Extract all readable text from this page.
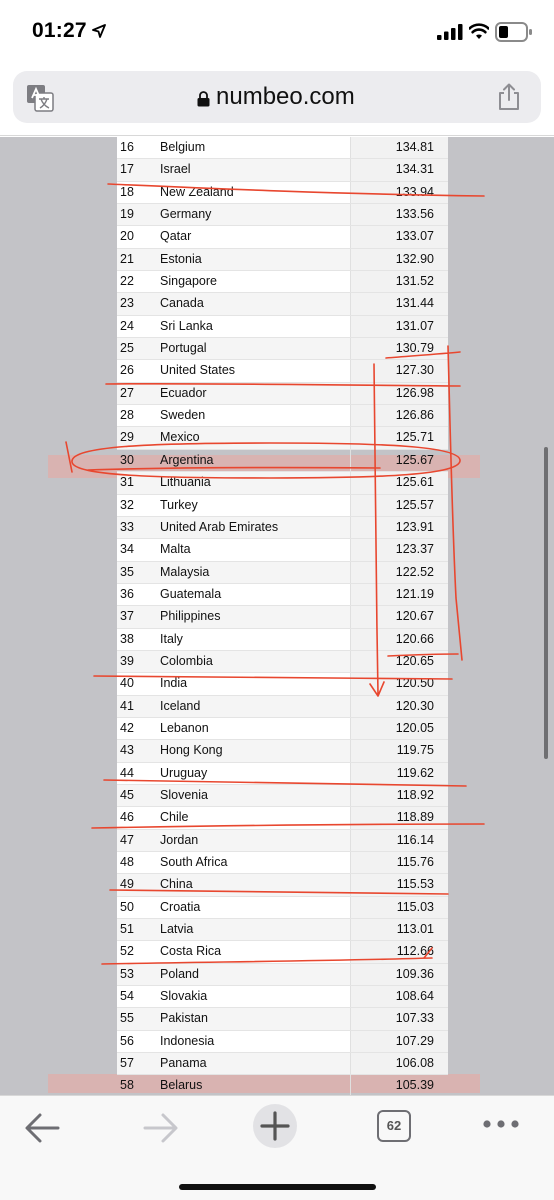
01:27
numbeo.com
16	Belgium	134.81
17	Israel	134.31
18	New Zealand	133.94
19	Germany	133.56
20	Qatar	133.07
21	Estonia	132.90
22	Singapore	131.52
23	Canada	131.44
24	Sri Lanka	131.07
25	Portugal	130.79
26	United States	127.30
27	Ecuador	126.98
28	Sweden	126.86
29	Mexico	125.71
30	Argentina	125.67
31	Lithuania	125.61
32	Turkey	125.57
33	United Arab Emirates	123.91
34	Malta	123.37
35	Malaysia	122.52
36	Guatemala	121.19
37	Philippines	120.67
38	Italy	120.66
39	Colombia	120.65
40	India	120.50
41	Iceland	120.30
42	Lebanon	120.05
43	Hong Kong	119.75
44	Uruguay	119.62
45	Slovenia	118.92
46	Chile	118.89
47	Jordan	116.14
48	South Africa	115.76
49	China	115.53
50	Croatia	115.03
51	Latvia	113.01
52	Costa Rica	112.66
53	Poland	109.36
54	Slovakia	108.64
55	Pakistan	107.33
56	Indonesia	107.29
57	Panama	106.08
58	Belarus	105.39
62
